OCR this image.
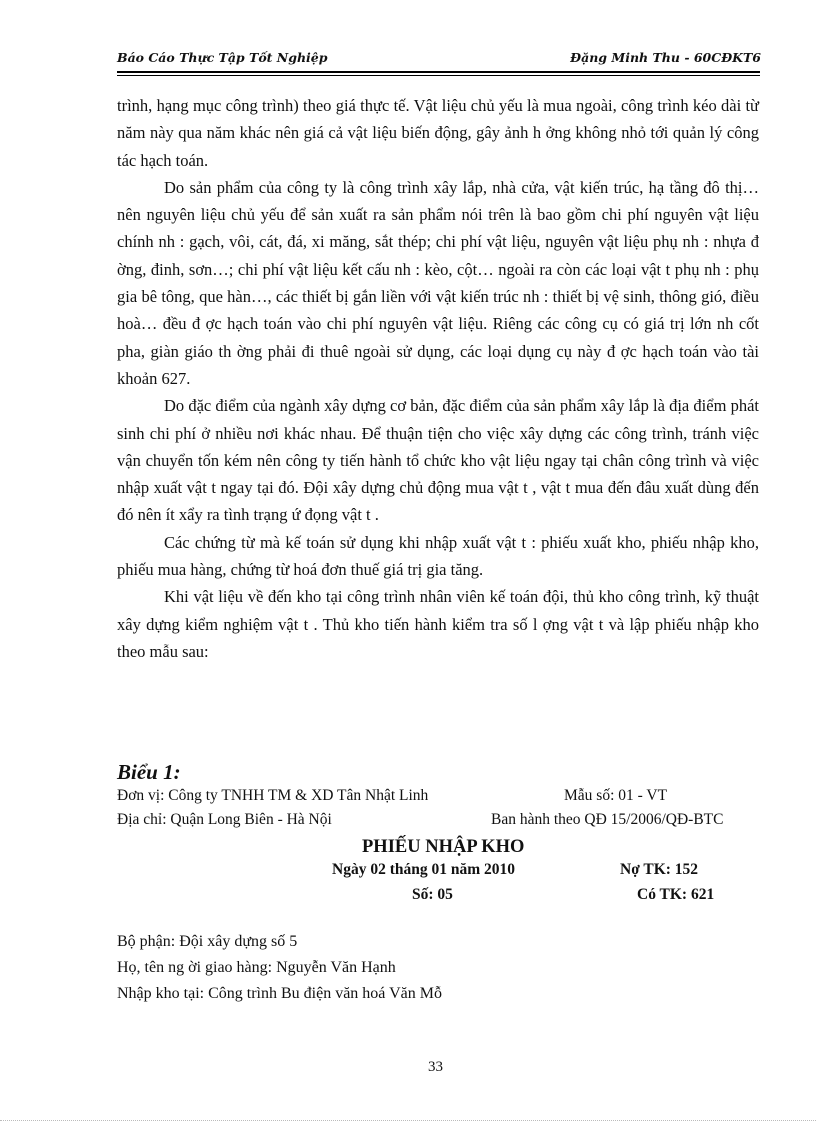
Báo Cáo Thực Tập Tốt Nghiệp	Đặng Minh Thu - 60CĐKT6

trình, hạng mục công trình) theo giá thực tế. Vật liệu chủ yếu là mua ngoài, công trình kéo dài từ năm này qua năm khác nên giá cả vật liệu biến động, gây ảnh h ởng không nhỏ tới quản lý công tác hạch toán.

Do sản phẩm của công ty là công trình xây lắp, nhà cửa, vật kiến trúc, hạ tầng đô thị… nên nguyên liệu chủ yếu để sản xuất ra sản phẩm nói trên là bao gồm chi phí nguyên vật liệu chính nh : gạch, vôi, cát, đá, xi măng, sắt thép; chi phí vật liệu, nguyên vật liệu phụ nh : nhựa đ ờng, đinh, sơn…; chi phí vật liệu kết cấu nh : kèo, cột… ngoài ra còn các loại vật t phụ nh : phụ gia bê tông, que hàn…, các thiết bị gắn liền với vật kiến trúc nh : thiết bị vệ sinh, thông gió, điều hoà… đều đ ợc hạch toán vào chi phí nguyên vật liệu. Riêng các công cụ có giá trị lớn nh cốt pha, giàn giáo th ờng phải đi thuê ngoài sử dụng, các loại dụng cụ này đ ợc hạch toán vào tài khoản 627.

Do đặc điểm của ngành xây dựng cơ bản, đặc điểm của sản phẩm xây lắp là địa điểm phát sinh chi phí ở nhiều nơi khác nhau. Để thuận tiện cho việc xây dựng các công trình, tránh việc vận chuyển tốn kém nên công ty tiến hành tổ chức kho vật liệu ngay tại chân công trình và việc nhập xuất vật t ngay tại đó. Đội xây dựng chủ động mua vật t , vật t mua đến đâu xuất dùng đến đó nên ít xẩy ra tình trạng ứ đọng vật t .

Các chứng từ mà kế toán sử dụng khi nhập xuất vật t : phiếu xuất kho, phiếu nhập kho, phiếu mua hàng, chứng từ hoá đơn thuế giá trị gia tăng.

Khi vật liệu về đến kho tại công trình nhân viên kế toán đội, thủ kho công trình, kỹ thuật xây dựng kiểm nghiệm vật t . Thủ kho tiến hành kiểm tra số l ợng vật t và lập phiếu nhập kho theo mẫu sau:

Biểu 1:
Đơn vị: Công ty TNHH TM & XD Tân Nhật Linh	Mẫu số: 01 - VT
Địa chỉ: Quận Long Biên - Hà Nội	Ban hành theo QĐ 15/2006/QĐ-BTC
PHIẾU NHẬP KHO
Ngày 02 tháng 01 năm 2010	Nợ TK: 152
Số: 05	Có TK: 621
Bộ phận: Đội xây dựng số 5
Họ, tên ng ời giao hàng: Nguyễn Văn Hạnh
Nhập kho tại: Công trình Bu điện văn hoá Văn Mỗ
33
